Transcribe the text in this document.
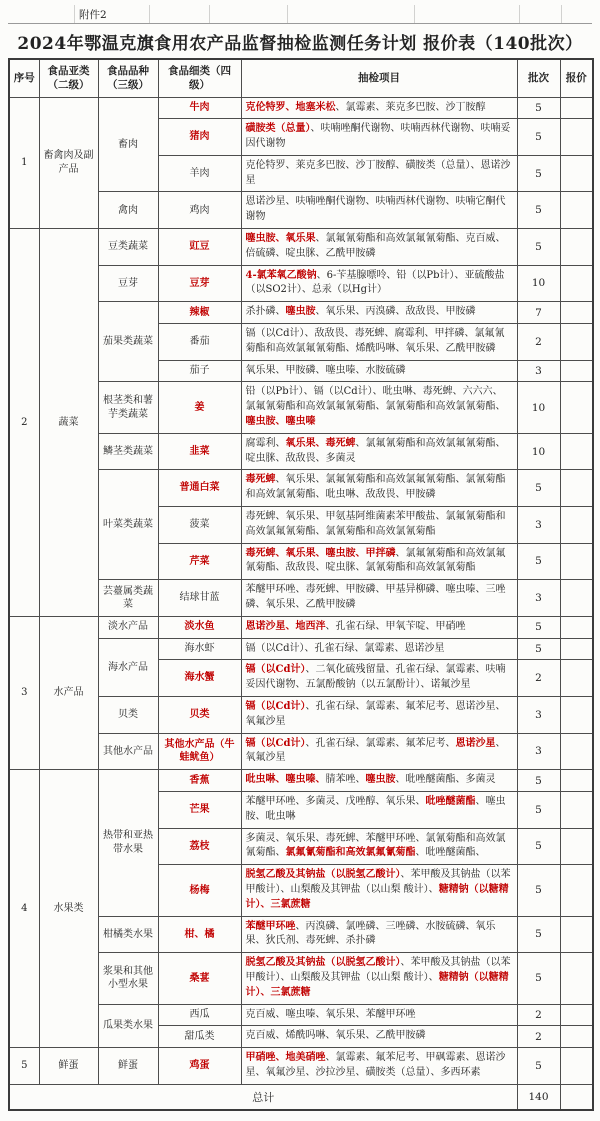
附件2
2024年鄂温克旗食用农产品监督抽检监测任务计划 报价表（140批次）
序号	食品亚类（二级）	食品品种（三级）	食品细类（四级）	抽检项目	批次	报价
1	畜禽肉及副产品	畜肉	牛肉	克伦特罗、地塞米松、氯霉素、莱克多巴胺、沙丁胺醇	5	
			猪肉	磺胺类（总量）、呋喃唑酮代谢物、呋喃西林代谢物、呋喃妥因代谢物	5	
			羊肉	克伦特罗、莱克多巴胺、沙丁胺醇、磺胺类（总量）、恩诺沙星	5	
		禽肉	鸡肉	恩诺沙星、呋喃唑酮代谢物、呋喃西林代谢物、呋喃它酮代谢物	5	
2	蔬菜	豆类蔬菜	豇豆	噻虫胺、氧乐果、氯氟氰菊酯和高效氯氟氰菊酯、克百威、倍硫磷、啶虫脒、乙酰甲胺磷	5	
		豆芽	豆芽	4-氯苯氧乙酸钠、6-苄基腺嘌呤、铅（以Pb计）、亚硫酸盐（以SO2计）、总汞（以Hg计）	10	
		茄果类蔬菜	辣椒	杀扑磷、噻虫胺、氧乐果、丙溴磷、敌敌畏、甲胺磷	7	
			番茄	镉（以Cd计）、敌敌畏、毒死蜱、腐霉利、甲拌磷、氯氟氰菊酯和高效氯氟氰菊酯、烯酰吗啉、氧乐果、乙酰甲胺磷	2	
			茄子	氧乐果、甲胺磷、噻虫嗪、水胺硫磷	3	
		根茎类和薯芋类蔬菜	姜	铅（以Pb计）、镉（以Cd计）、吡虫啉、毒死蜱、六六六、氯氟氰菊酯和高效氯氟氰菊酯、氯氰菊酯和高效氯氰菊酯、噻虫胺、噻虫嗪	10	
		鳞茎类蔬菜	韭菜	腐霉利、氧乐果、毒死蜱、氯氟氰菊酯和高效氯氟氰菊酯、啶虫脒、敌敌畏、多菌灵	10	
		叶菜类蔬菜	普通白菜	毒死蜱、氧乐果、氯氟氰菊酯和高效氯氟氰菊酯、氯氰菊酯和高效氯氰菊酯、吡虫啉、敌敌畏、甲胺磷	5	
			菠菜	毒死蜱、氧乐果、甲氨基阿维菌素苯甲酸盐、氯氟氰菊酯和高效氯氟氰菊酯、氯氰菊酯和高效氯氰菊酯	3	
			芹菜	毒死蜱、氧乐果、噻虫胺、甲拌磷、氯氟氰菊酯和高效氯氟氰菊酯、敌敌畏、啶虫脒、氯氰菊酯和高效氯氰菊酯	5	
		芸薹属类蔬菜	结球甘蓝	苯醚甲环唑、毒死蜱、甲胺磷、甲基异柳磷、噻虫嗪、三唑磷、氧乐果、乙酰甲胺磷	3	
3	水产品	淡水产品	淡水鱼	恩诺沙星、地西泮、孔雀石绿、甲氧苄啶、甲硝唑	5	
		海水产品	海水虾	镉（以Cd计）、孔雀石绿、氯霉素、恩诺沙星	5	
			海水蟹	镉（以Cd计）、二氧化硫残留量、孔雀石绿、氯霉素、呋喃妥因代谢物、五氯酚酸钠（以五氯酚计）、诺氟沙星	2	
		贝类	贝类	镉（以Cd计）、孔雀石绿、氯霉素、氟苯尼考、恩诺沙星、氧氟沙星	3	
		其他水产品	其他水产品（牛蛙鱿鱼）	镉（以Cd计）、孔雀石绿、氯霉素、氟苯尼考、恩诺沙星、氧氟沙星	3	
4	水果类	热带和亚热带水果	香蕉	吡虫啉、噻虫嗪、腈苯唑、噻虫胺、吡唑醚菌酯、多菌灵	5	
			芒果	苯醚甲环唑、多菌灵、戊唑醇、氧乐果、吡唑醚菌酯、噻虫胺、吡虫啉	5	
			荔枝	多菌灵、氧乐果、毒死蜱、苯醚甲环唑、氯氰菊酯和高效氯氰菊酯、氯氟氰菊酯和高效氯氟氰菊酯、吡唑醚菌酯、	5	
			杨梅	脱氢乙酸及其钠盐（以脱氢乙酸计）、苯甲酸及其钠盐（以苯甲酸计）、山梨酸及其钾盐（以山梨 酸计）、糖精钠（以糖精计）、三氯蔗糖	5	
		柑橘类水果	柑、橘	苯醚甲环唑、丙溴磷、氯唑磷、三唑磷、水胺硫磷、氧乐果、狄氏剂、毒死蜱、杀扑磷	5	
		浆果和其他小型水果	桑葚	脱氢乙酸及其钠盐（以脱氢乙酸计）、苯甲酸及其钠盐（以苯甲酸计）、山梨酸及其钾盐（以山梨 酸计）、糖精钠（以糖精计）、三氯蔗糖	5	
		瓜果类水果	西瓜	克百威、噻虫嗪、氧乐果、苯醚甲环唑	2	
			甜瓜类	克百威、烯酰吗啉、氧乐果、乙酰甲胺磷	2	
5	鲜蛋	鲜蛋	鸡蛋	甲硝唑、地美硝唑、氯霉素、氟苯尼考、甲砜霉素、恩诺沙星、氧氟沙星、沙拉沙星、磺胺类（总量）、多西环素	5	
总计					140	
